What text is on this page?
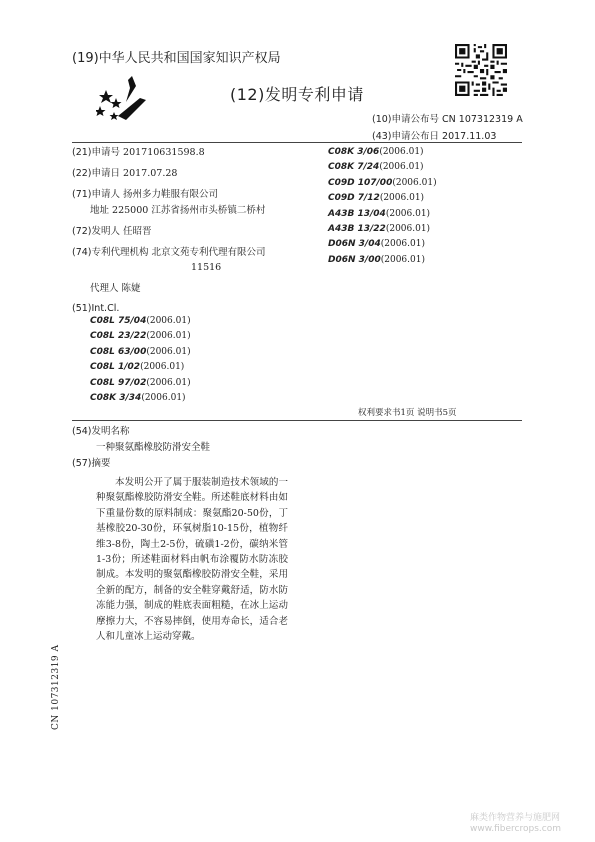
(19)中华人民共和国国家知识产权局
(12)发明专利申请
(10)申请公布号 CN 107312319 A
(43)申请公布日 2017.11.03
(21)申请号 201710631598.8
(22)申请日 2017.07.28
(71)申请人 扬州多力鞋服有限公司
地址 225000 江苏省扬州市头桥镇二桥村
(72)发明人 任昭晋
(74)专利代理机构 北京文苑专利代理有限公司
11516
代理人 陈婕
(51)Int.Cl.
C08L 75/04(2006.01)
C08L 23/22(2006.01)
C08L 63/00(2006.01)
C08L 1/02(2006.01)
C08L 97/02(2006.01)
C08K 3/34(2006.01)
C08K 3/06(2006.01)
C08K 7/24(2006.01)
C09D 107/00(2006.01)
C09D 7/12(2006.01)
A43B 13/04(2006.01)
A43B 13/22(2006.01)
D06N 3/04(2006.01)
D06N 3/00(2006.01)
权利要求书1页 说明书5页
(54)发明名称
一种聚氨酯橡胶防滑安全鞋
(57)摘要
本发明公开了属于服装制造技术领域的一种聚氨酯橡胶防滑安全鞋。所述鞋底材料由如下重量份数的原料制成：聚氨酯20-50份，丁基橡胶20-30份，环氧树脂10-15份，植物纤维3-8份，陶土2-5份，硫磺1-2份，碳纳米管1-3份；所述鞋面材料由帆布涂覆防水防冻胶制成。本发明的聚氨酯橡胶防滑安全鞋，采用全新的配方，制备的安全鞋穿戴舒适，防水防冻能力强，制成的鞋底表面粗糙，在冰上运动摩擦力大，不容易摔倒，使用寿命长，适合老人和儿童冰上运动穿戴。
CN 107312319 A
麻类作物营养与施肥网
www.fibercrops.com
